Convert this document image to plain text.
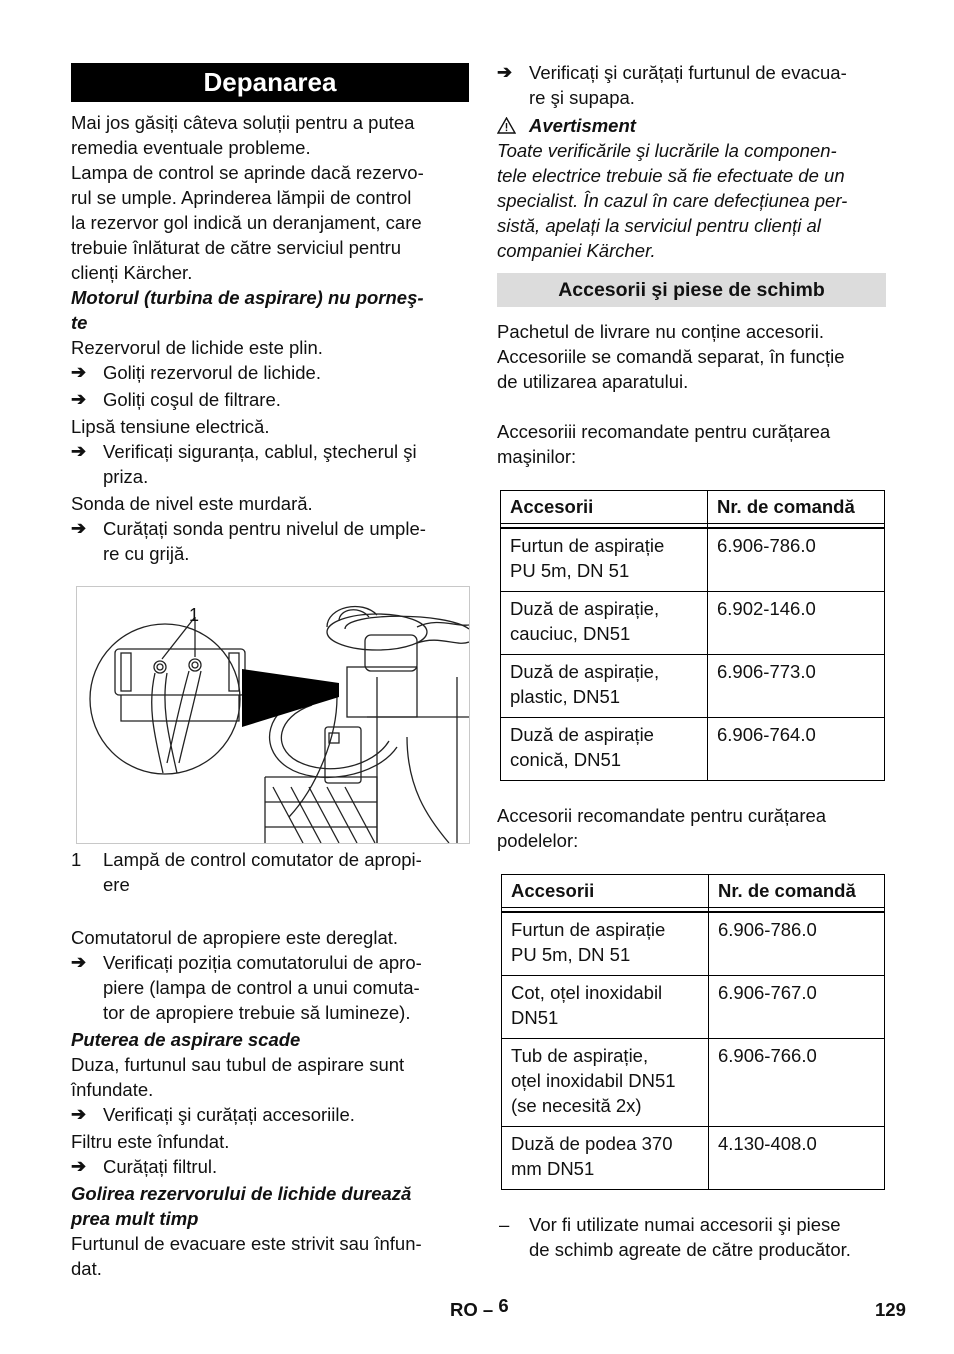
Depanarea

Mai jos găsiți câteva soluții pentru a putea
remedia eventuale probleme.
Lampa de control se aprinde dacă rezervo-
rul se umple. Aprinderea lămpii de control
la rezervor gol indică un deranjament, care
trebuie înlăturat de către serviciul pentru
clienți Kärcher.

Motorul (turbina de aspirare) nu porneş-
te

Rezervorul de lichide este plin.

➔ Goliți rezervorul de lichide.

➔ Goliți coşul de filtrare.

Lipsă tensiune electrică.

➔ Verificați siguranța, cablul, ştecherul şi
priza.

Sonda de nivel este murdară.

➔ Curățați sonda pentru nivelul de umple-
re cu grijă.

1
1 Lampă de control comutator de apropi-
ere

Comutatorul de apropiere este dereglat.

➔ Verificați poziția comutatorului de apro-
piere (lampa de control a unui comuta-
tor de apropiere trebuie să lumineze).

Puterea de aspirare scade

Duza, furtunul sau tubul de aspirare sunt
înfundate.

➔ Verificați şi curățați accesoriile.

Filtru este înfundat.

➔ Curățați filtrul.

Golirea rezervorului de lichide durează
prea mult timp

Furtunul de evacuare este strivit sau înfun-
dat.

➔ Verificați şi curățați furtunul de evacua-
re şi supapa.

Avertisment

Toate verificările şi lucrările la componen-
tele electrice trebuie să fie efectuate de un
specialist. În cazul în care defecțiunea per-
sistă, apelați la serviciul pentru clienți al
companiei Kärcher.

Accesorii şi piese de schimb

Pachetul de livrare nu conține accesorii.
Accesoriile se comandă separat, în funcție
de utilizarea aparatului.

Accesoriii recomandate pentru curățarea
maşinilor:

Accesorii	Nr. de comandă

Furtun de aspirație
PU 5m, DN 51	6.906-786.0
Duză de aspirație,
cauciuc, DN51	6.902-146.0
Duză de aspirație,
plastic, DN51	6.906-773.0
Duză de aspirație
conică, DN51	6.906-764.0

Accesorii recomandate pentru curățarea
podelelor:

Accesorii	Nr. de comandă

Furtun de aspirație
PU 5m, DN 51	6.906-786.0
Cot, oțel inoxidabil
DN51	6.906-767.0
Tub de aspirație,
oțel inoxidabil DN51
(se necesită 2x)	6.906-766.0
Duză de podea 370
mm DN51	4.130-408.0
– Vor fi utilizate numai accesorii şi piese
de schimb agreate de către producător.
RO – 6	129
